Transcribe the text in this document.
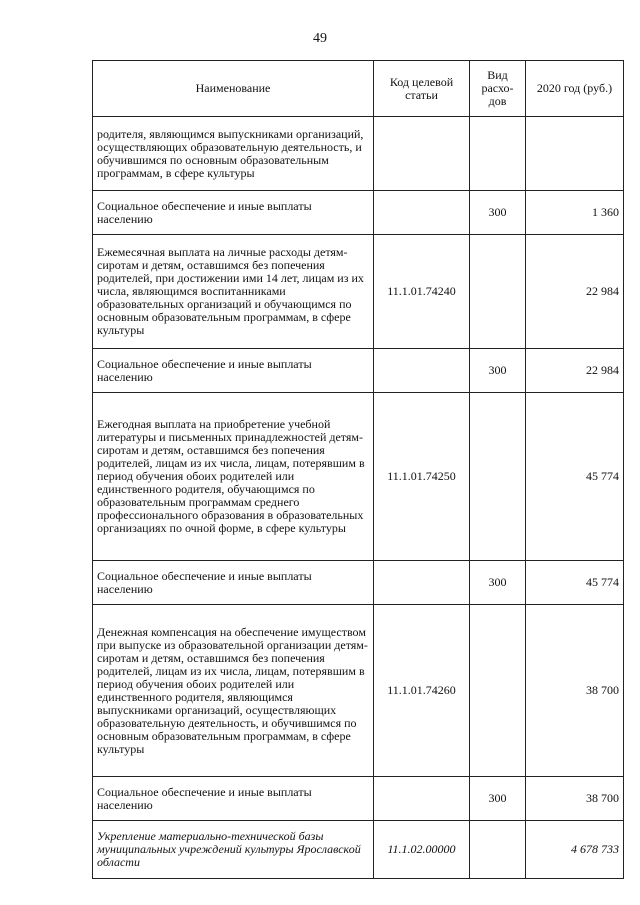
49
Наименование	Код целевой статьи	Вид расхо-дов	2020 год (руб.)
родителя, являющимся выпускниками организаций, осуществляющих образовательную деятельность, и обучившимся по основным образовательным программам, в сфере культуры			
Социальное обеспечение и иные выплаты населению		300	1 360
Ежемесячная выплата на личные расходы детям-сиротам и детям, оставшимся без попечения родителей, при достижении ими 14 лет, лицам из их числа, являющимся воспитанниками образовательных организаций и обучающимся по основным образовательным программам, в сфере культуры	11.1.01.74240		22 984
Социальное обеспечение и иные выплаты населению		300	22 984
Ежегодная выплата на приобретение учебной литературы и письменных принадлежностей детям-сиротам и детям, оставшимся без попечения родителей, лицам из их числа, лицам, потерявшим в период обучения обоих родителей или единственного родителя, обучающимся по образовательным программам среднего профессионального образования в образовательных организациях по очной форме, в сфере культуры	11.1.01.74250		45 774
Социальное обеспечение и иные выплаты населению		300	45 774
Денежная компенсация на обеспечение имуществом при выпуске из образовательной организации детям-сиротам и детям, оставшимся без попечения родителей, лицам из их числа, лицам, потерявшим в период обучения обоих родителей или единственного родителя, являющимся выпускниками организаций, осуществляющих образовательную деятельность, и обучившимся по основным образовательным программам, в сфере культуры	11.1.01.74260		38 700
Социальное обеспечение и иные выплаты населению		300	38 700
Укрепление материально-технической базы муниципальных учреждений культуры Ярославской области	11.1.02.00000		4 678 733
